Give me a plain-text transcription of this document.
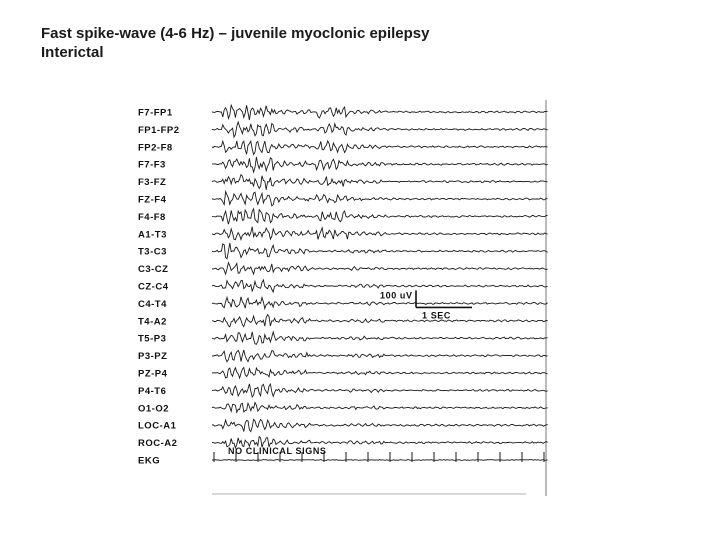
Fast spike-wave (4-6 Hz) – juvenile myoclonic epilepsy
Interictal
F7-FP1
FP1-FP2
FP2-F8
F7-F3
F3-FZ
FZ-F4
F4-F8
A1-T3
T3-C3
C3-CZ
CZ-C4
C4-T4
T4-A2
T5-P3
P3-PZ
PZ-P4
P4-T6
O1-O2
LOC-A1
ROC-A2
EKG
NO CLINICAL SIGNS
100 uV
1 SEC
